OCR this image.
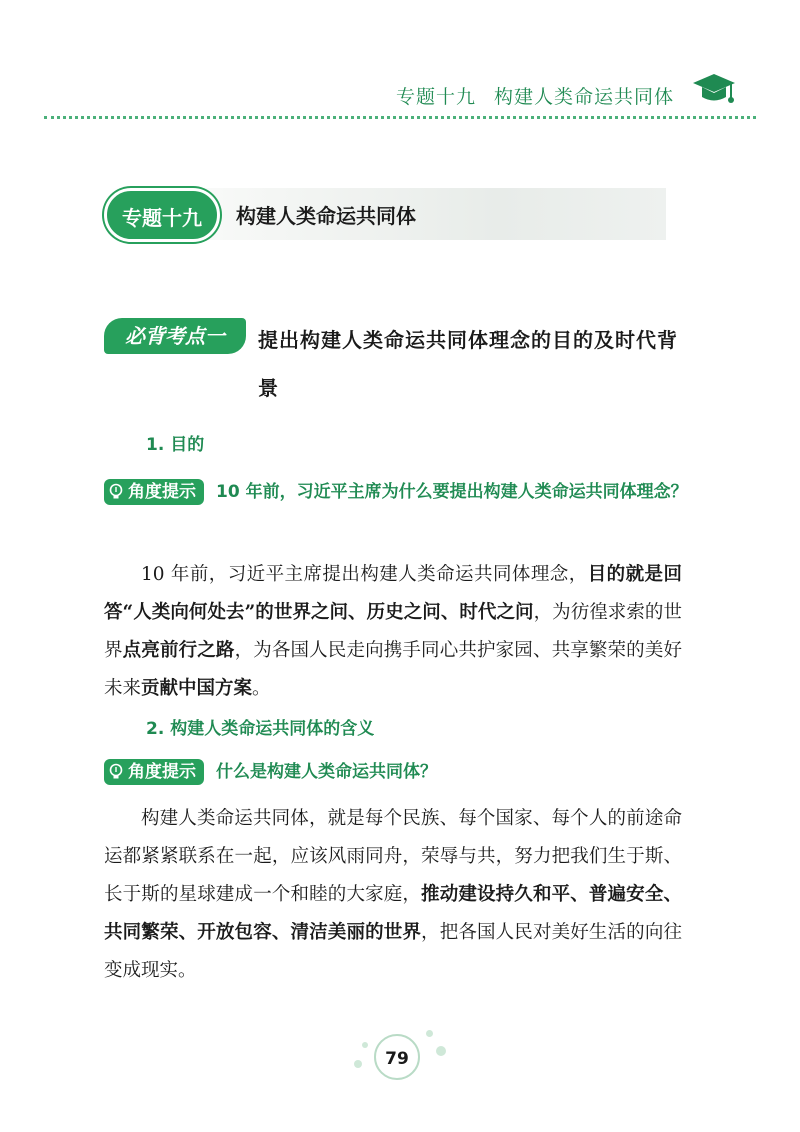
专题十九 构建人类命运共同体
专题十九	构建人类命运共同体
必背考点一	提出构建人类命运共同体理念的目的及时代背景
1. 目的
角度提示 10 年前，习近平主席为什么要提出构建人类命运共同体理念？
10 年前，习近平主席提出构建人类命运共同体理念，目的就是回答“人类向何处去”的世界之问、历史之问、时代之问，为彷徨求索的世界点亮前行之路，为各国人民走向携手同心共护家园、共享繁荣的美好未来贡献中国方案。
2. 构建人类命运共同体的含义
角度提示 什么是构建人类命运共同体？
构建人类命运共同体，就是每个民族、每个国家、每个人的前途命运都紧紧联系在一起，应该风雨同舟，荣辱与共，努力把我们生于斯、长于斯的星球建成一个和睦的大家庭，推动建设持久和平、普遍安全、共同繁荣、开放包容、清洁美丽的世界，把各国人民对美好生活的向往变成现实。
79
